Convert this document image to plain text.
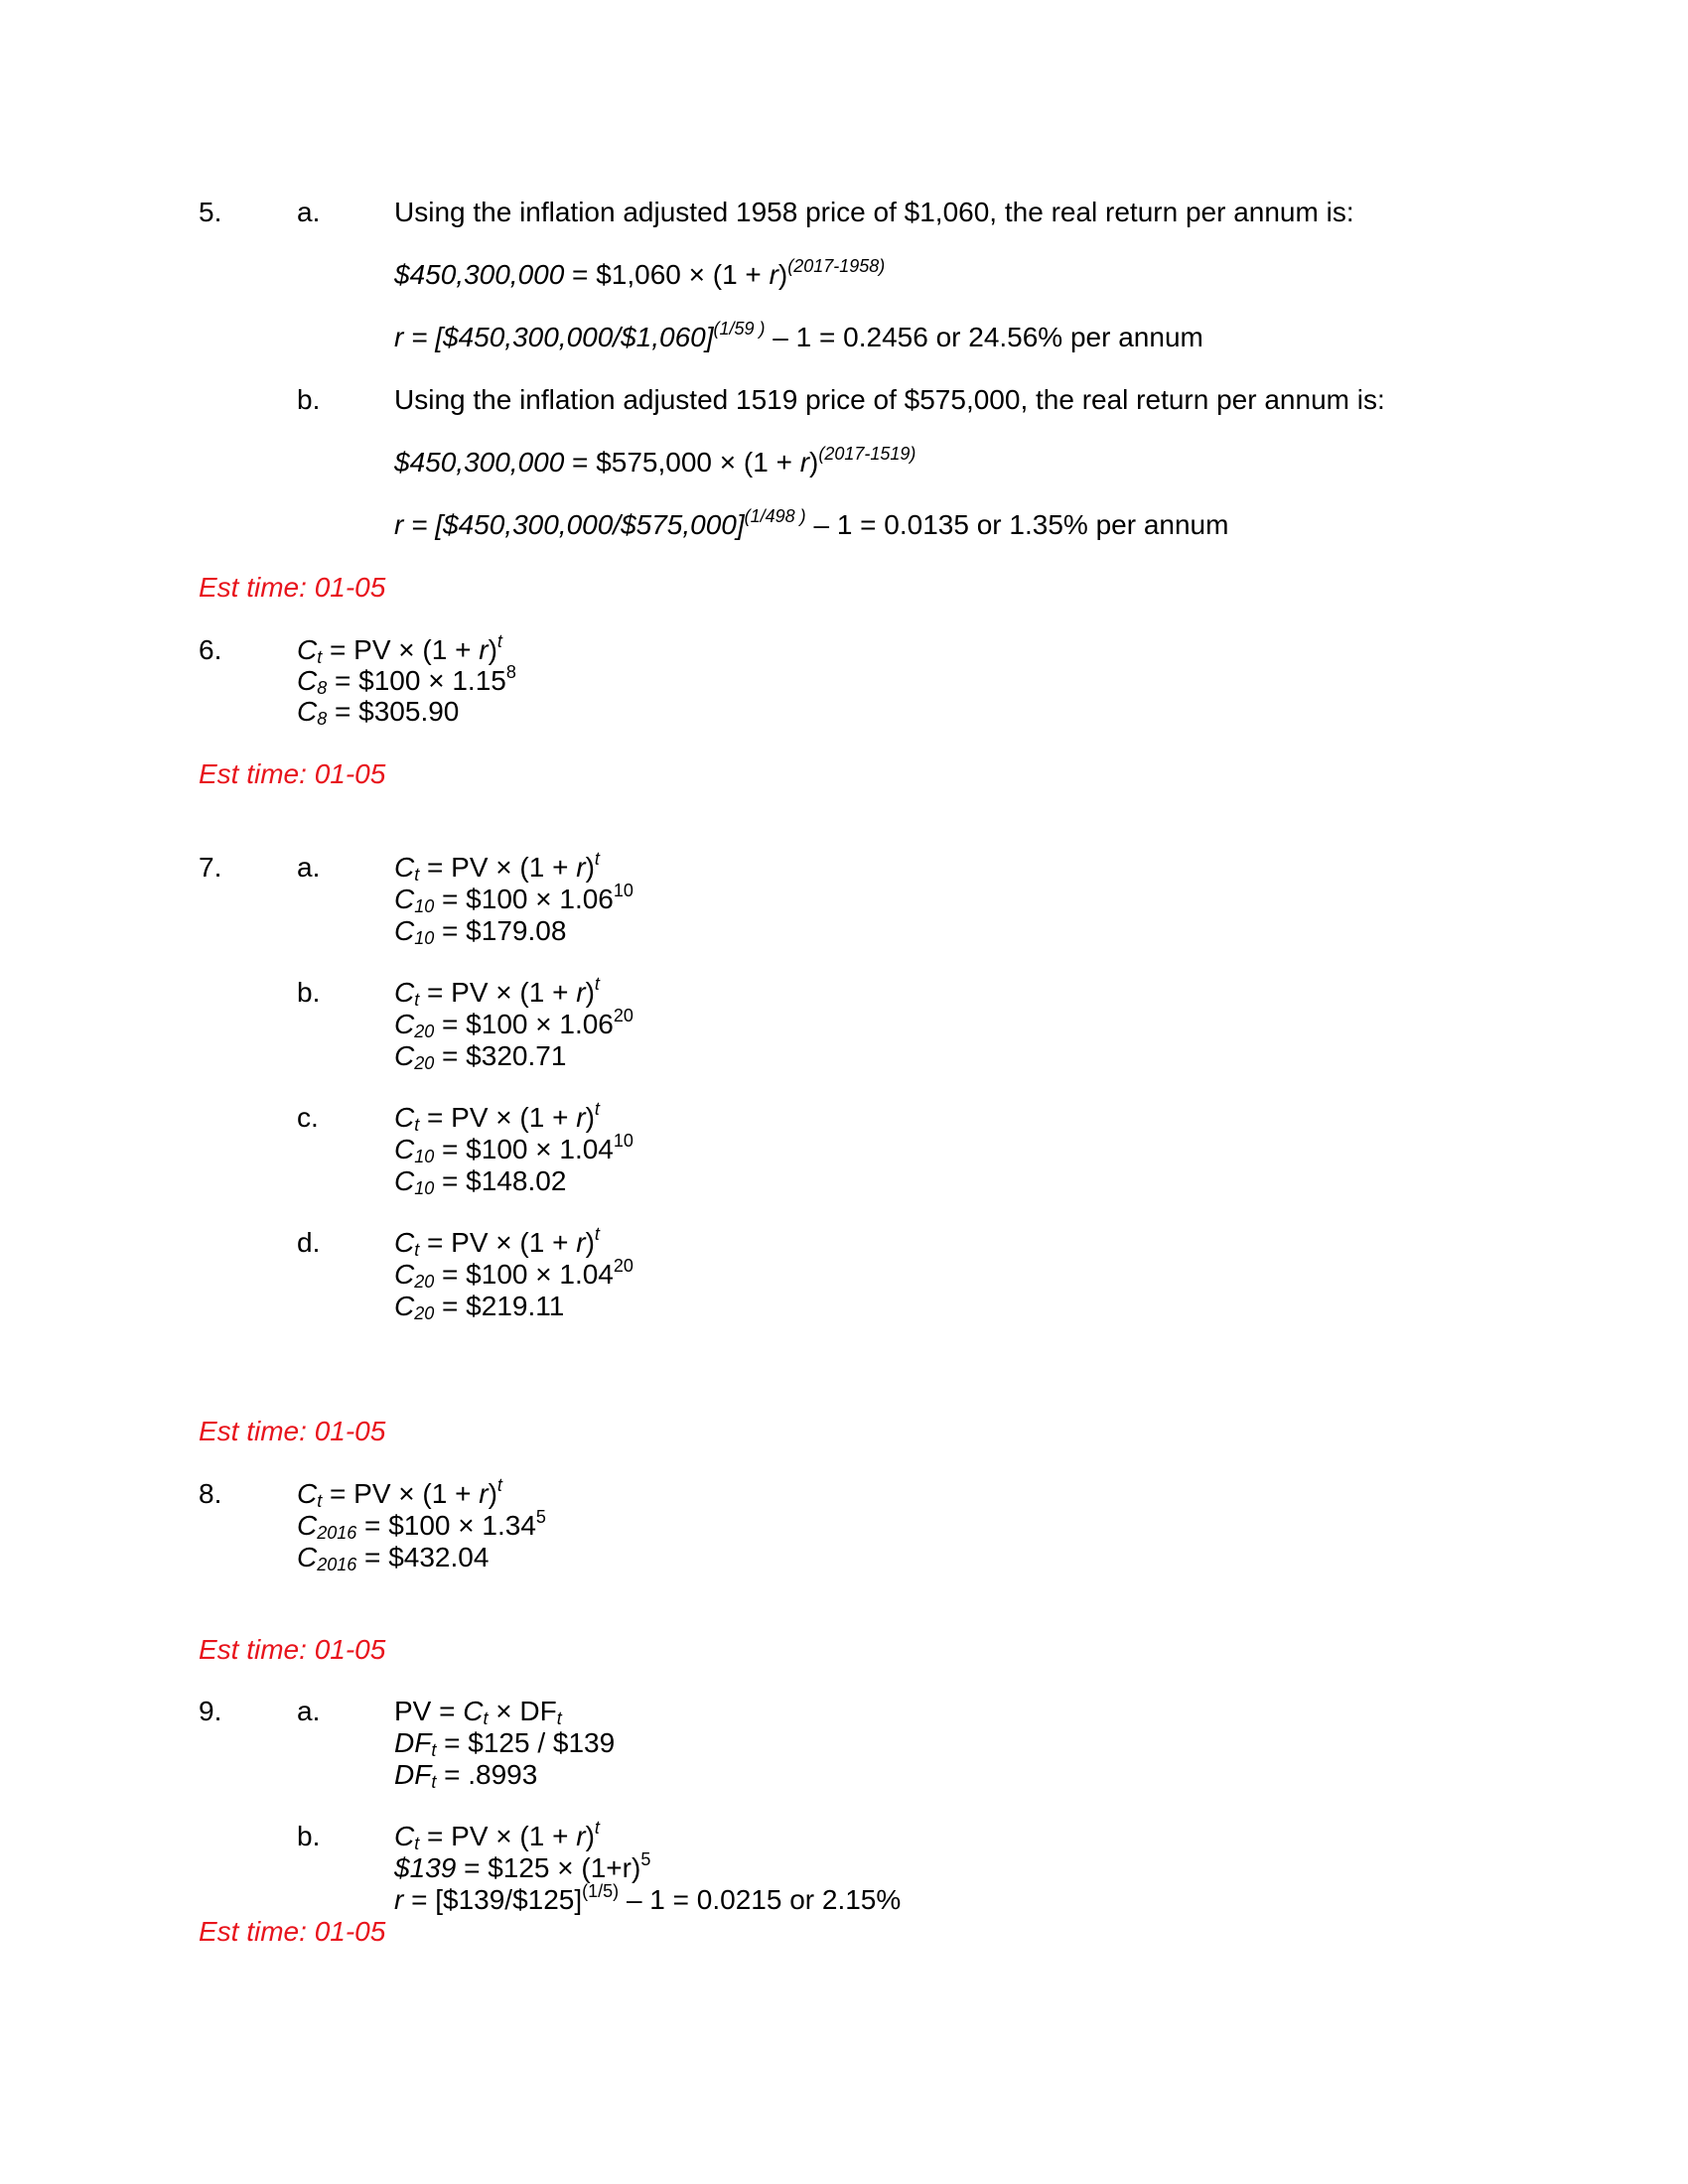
5.	a.	Using the inflation adjusted 1958 price of $1,060, the real return per annum is:
$450,300,000 = $1,060 × $(1 + r)^{(2017-1958)}$
r = [$450,300,000/$1,060]$^{(1/59 )}$ – 1 = 0.2456 or 24.56% per annum
b.	Using the inflation adjusted 1519 price of $575,000, the real return per annum is:
$450,300,000 = $575,000 × $(1 + r)^{(2017-1519)}$
r = [$450,300,000/$575,000]$^{(1/498 )}$ – 1 = 0.0135 or 1.35% per annum
Est time: 01-05
6.	$C_t$ = PV × $(1 + r)^t$
$C_8$ = $100 × $1.15^8$
$C_8$ = $305.90
Est time: 01-05
7.	a.	$C_t$ = PV × $(1 + r)^t$
$C_{10}$ = $100 × $1.06^{10}$
$C_{10}$ = $179.08
b.	$C_t$ = PV × $(1 + r)^t$
$C_{20}$ = $100 × $1.06^{20}$
$C_{20}$ = $320.71
c.	$C_t$ = PV × $(1 + r)^t$
$C_{10}$ = $100 × $1.04^{10}$
$C_{10}$ = $148.02
d.	$C_t$ = PV × $(1 + r)^t$
$C_{20}$ = $100 × $1.04^{20}$
$C_{20}$ = $219.11
Est time: 01-05
8.	$C_t$ = PV × $(1 + r)^t$
$C_{2016}$ = $100 × $1.34^5$
$C_{2016}$ = $432.04
Est time: 01-05
9.	a.	PV = $C_t \times DF_t$
$DF_t$ = $125 / $139
$DF_t = .8993$
b.	$C_t$ = PV × $(1 + r)^t$
$139 = $125 × $(1+r)^5$
r = [$139/$125]$^{(1/5)}$ – 1 = 0.0215 or 2.15%
Est time: 01-05
